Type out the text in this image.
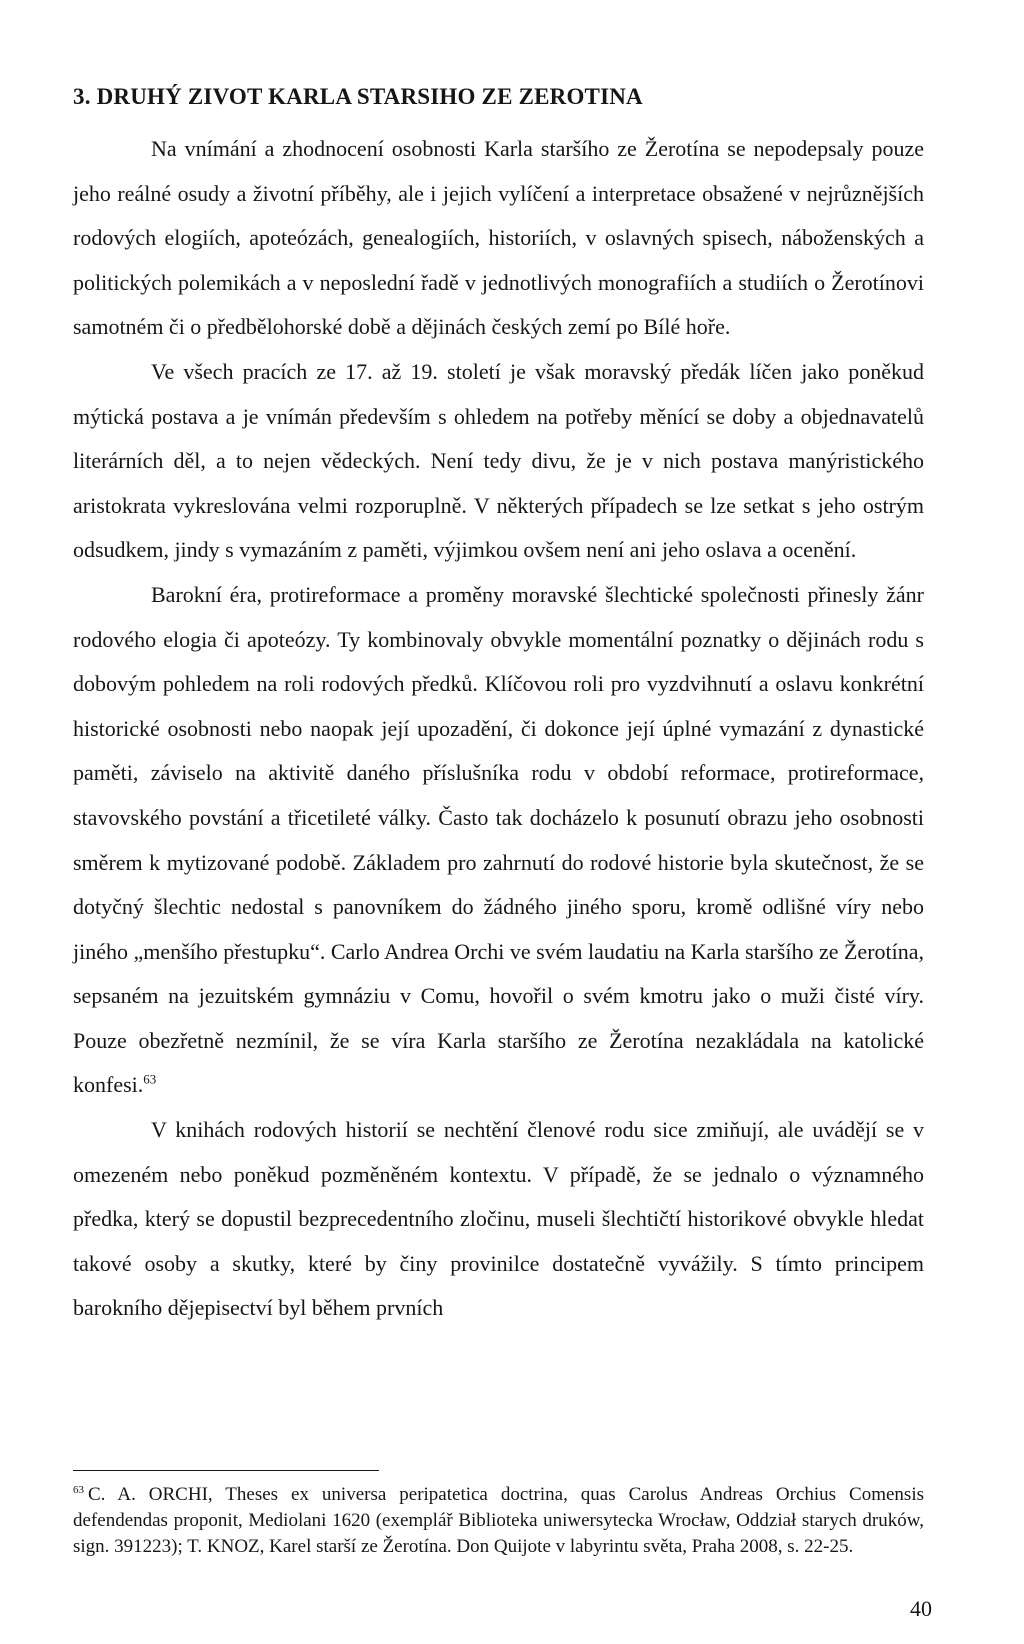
3. DRUHÝ ZIVOT KARLA STARSIHO ZE ZEROTINA

Na vnímání a zhodnocení osobnosti Karla staršího ze Žerotína se nepodepsaly pouze jeho reálné osudy a životní příběhy, ale i jejich vylíčení a interpretace obsažené v nejrůznějších rodových elogiích, apoteózách, genealogiích, historiích, v oslavných spisech, náboženských a politických polemikách a v neposlední řadě v jednotlivých monografiích a studiích o Žerotínovi samotném či o předbělohorské době a dějinách českých zemí po Bílé hoře.

Ve všech pracích ze 17. až 19. století je však moravský předák líčen jako poněkud mýtická postava a je vnímán především s ohledem na potřeby měnící se doby a objednavatelů literárních děl, a to nejen vědeckých. Není tedy divu, že je v nich postava manýristického aristokrata vykreslována velmi rozporuplně. V některých případech se lze setkat s jeho ostrým odsudkem, jindy s vymazáním z paměti, výjimkou ovšem není ani jeho oslava a ocenění.

Barokní éra, protireformace a proměny moravské šlechtické společnosti přinesly žánr rodového elogia či apoteózy. Ty kombinovaly obvykle momentální poznatky o dějinách rodu s dobovým pohledem na roli rodových předků. Klíčovou roli pro vyzdvihnutí a oslavu konkrétní historické osobnosti nebo naopak její upozadění, či dokonce její úplné vymazání z dynastické paměti, záviselo na aktivitě daného příslušníka rodu v období reformace, protireformace, stavovského povstání a třicetileté války. Často tak docházelo k posunutí obrazu jeho osobnosti směrem k mytizované podobě. Základem pro zahrnutí do rodové historie byla skutečnost, že se dotyčný šlechtic nedostal s panovníkem do žádného jiného sporu, kromě odlišné víry nebo jiného „menšího přestupku“. Carlo Andrea Orchi ve svém laudatiu na Karla staršího ze Žerotína, sepsaném na jezuitském gymnáziu v Comu, hovořil o svém kmotru jako o muži čisté víry. Pouze obezřetně nezmínil, že se víra Karla staršího ze Žerotína nezakládala na katolické konfesi.$^{63}$

V knihách rodových historií se nechtění členové rodu sice zmiňují, ale uvádějí se v omezeném nebo poněkud pozměněném kontextu. V případě, že se jednalo o významného předka, který se dopustil bezprecedentního zločinu, museli šlechtičtí historikové obvykle hledat takové osoby a skutky, které by činy provinilce dostatečně vyvážily. S tímto principem barokního dějepisectví byl během prvních

$^{63}$ C. A. ORCHI, Theses ex universa peripatetica doctrina, quas Carolus Andreas Orchius Comensis defendendas proponit, Mediolani 1620 (exemplář Biblioteka uniwersytecka Wrocław, Oddział starych druków, sign. 391223); T. KNOZ, Karel starší ze Žerotína. Don Quijote v labyrintu světa, Praha 2008, s. 22-25.
40
